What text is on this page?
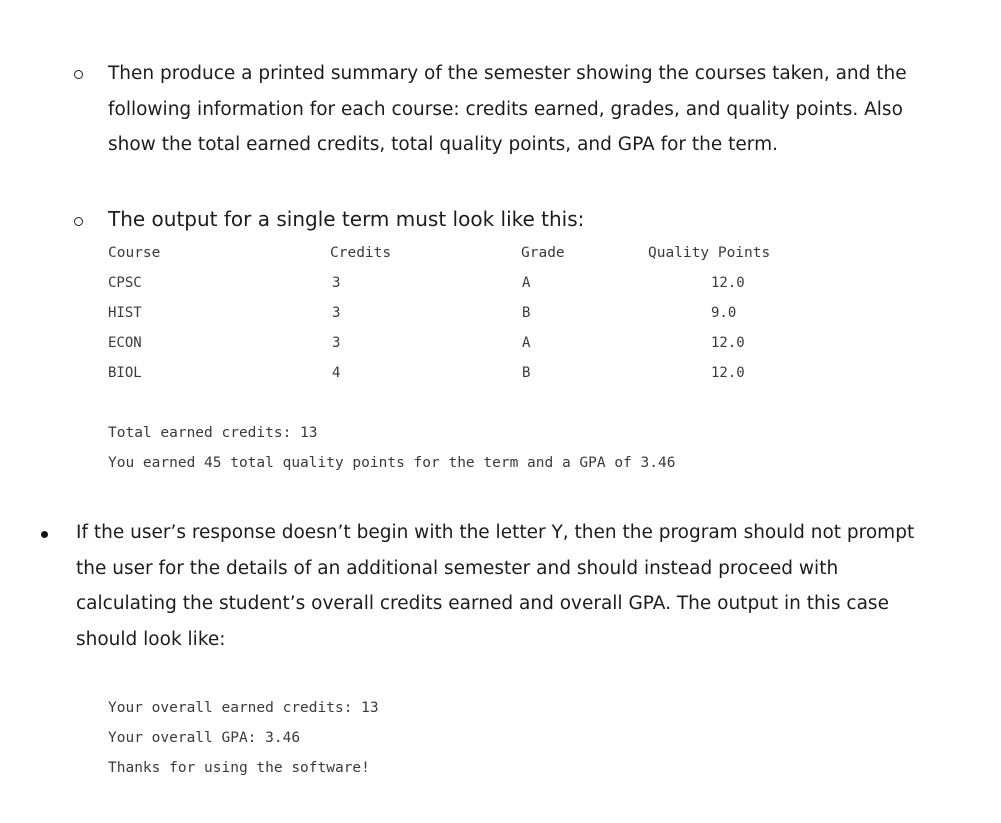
Then produce a printed summary of the semester showing the courses taken, and the
following information for each course: credits earned, grades, and quality points. Also
show the total earned credits, total quality points, and GPA for the term.
The output for a single term must look like this:
Course	Credits	Grade	Quality Points
CPSC	3	A	12.0
HIST	3	B	9.0
ECON	3	A	12.0
BIOL	4	B	12.0
Total earned credits: 13
You earned 45 total quality points for the term and a GPA of 3.46
If the user’s response doesn’t begin with the letter Y, then the program should not prompt
the user for the details of an additional semester and should instead proceed with
calculating the student’s overall credits earned and overall GPA. The output in this case
should look like:
Your overall earned credits: 13
Your overall GPA: 3.46
Thanks for using the software!
